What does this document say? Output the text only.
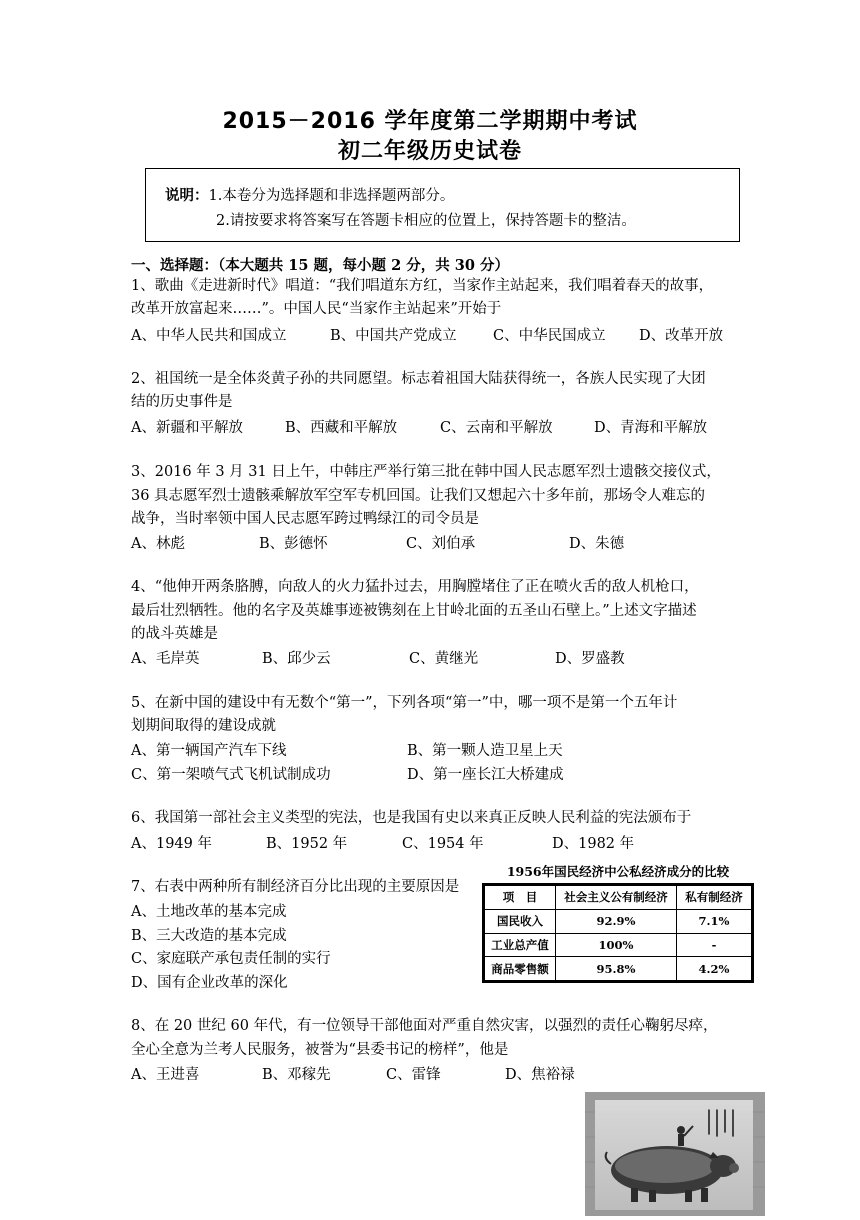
2015－2016 学年度第二学期期中考试
初二年级历史试卷
说明：1.本卷分为选择题和非选择题两部分。
2.请按要求将答案写在答题卡相应的位置上，保持答题卡的整洁。
一、选择题：（本大题共 15 题，每小题 2 分，共 30 分）
1、歌曲《走进新时代》唱道：“我们唱道东方红，当家作主站起来，我们唱着春天的故事，
改革开放富起来……”。中国人民“当家作主站起来”开始于
A、中华人民共和国成立	B、中国共产党成立	C、中华民国成立 D、改革开放
2、祖国统一是全体炎黄子孙的共同愿望。标志着祖国大陆获得统一，各族人民实现了大团
结的历史事件是
A、新疆和平解放	B、西藏和平解放	C、云南和平解放	D、青海和平解放
3、2016 年 3 月 31 日上午，中韩庄严举行第三批在韩中国人民志愿军烈士遗骸交接仪式，
36 具志愿军烈士遗骸乘解放军空军专机回国。让我们又想起六十多年前，那场令人难忘的
战争，当时率领中国人民志愿军跨过鸭绿江的司令员是
A、林彪	B、彭德怀	C、刘伯承	D、朱德
4、“他伸开两条胳膊，向敌人的火力猛扑过去，用胸膛堵住了正在喷火舌的敌人机枪口，
最后壮烈牺牲。他的名字及英雄事迹被镌刻在上甘岭北面的五圣山石壁上。”上述文字描述
的战斗英雄是
A、毛岸英	B、邱少云	C、黄继光	D、罗盛教
5、在新中国的建设中有无数个“第一”，下列各项“第一”中，哪一项不是第一个五年计
划期间取得的建设成就
A、第一辆国产汽车下线	B、第一颗人造卫星上天
C、第一架喷气式飞机试制成功	D、第一座长江大桥建成
6、我国第一部社会主义类型的宪法，也是我国有史以来真正反映人民利益的宪法颁布于
A、1949 年	B、1952 年	C、1954 年	D、1982 年
7、右表中两种所有制经济百分比出现的主要原因是
A、土地改革的基本完成
B、三大改造的基本完成
C、家庭联产承包责任制的实行
D、国有企业改革的深化
1956年国民经济中公私经济成分的比较
项　目	社会主义公有制经济	私有制经济
国民收入	92.9%	7.1%
工业总产值	100%	-
商品零售额	95.8%	4.2%
8、在 20 世纪 60 年代，有一位领导干部他面对严重自然灾害，以强烈的责任心鞠躬尽瘁，
全心全意为兰考人民服务，被誉为“县委书记的榜样”，他是
A、王进喜	B、邓稼先	C、雷锋	D、焦裕禄
